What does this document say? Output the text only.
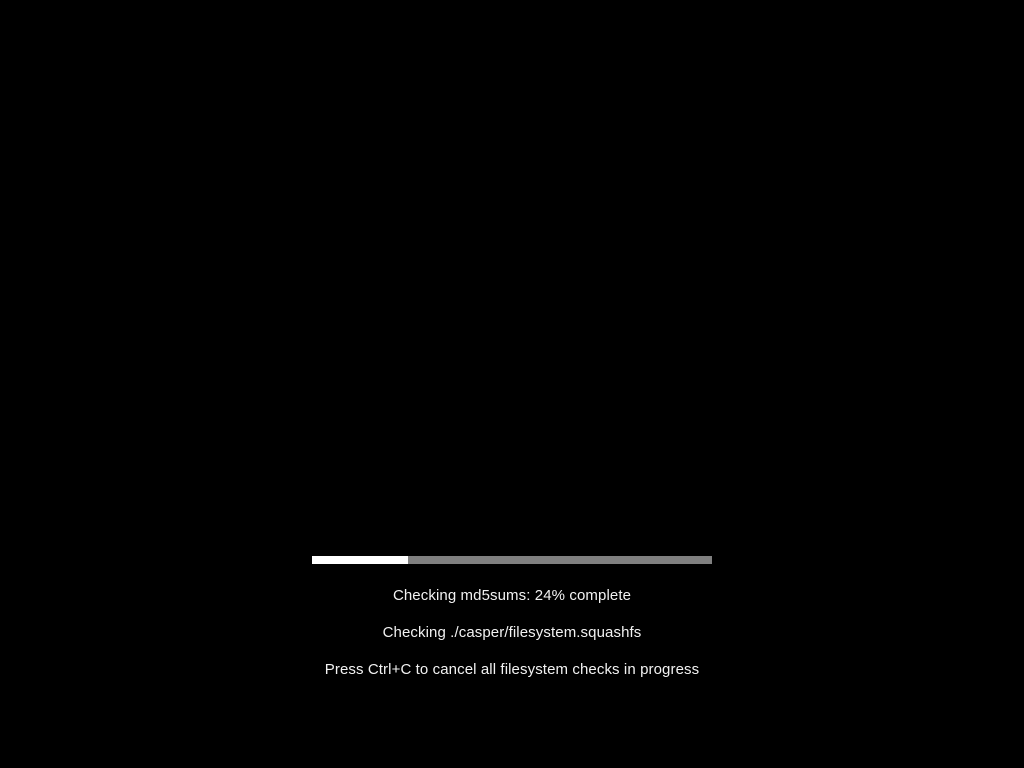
Checking md5sums: 24% complete
Checking ./casper/filesystem.squashfs
Press Ctrl+C to cancel all filesystem checks in progress
